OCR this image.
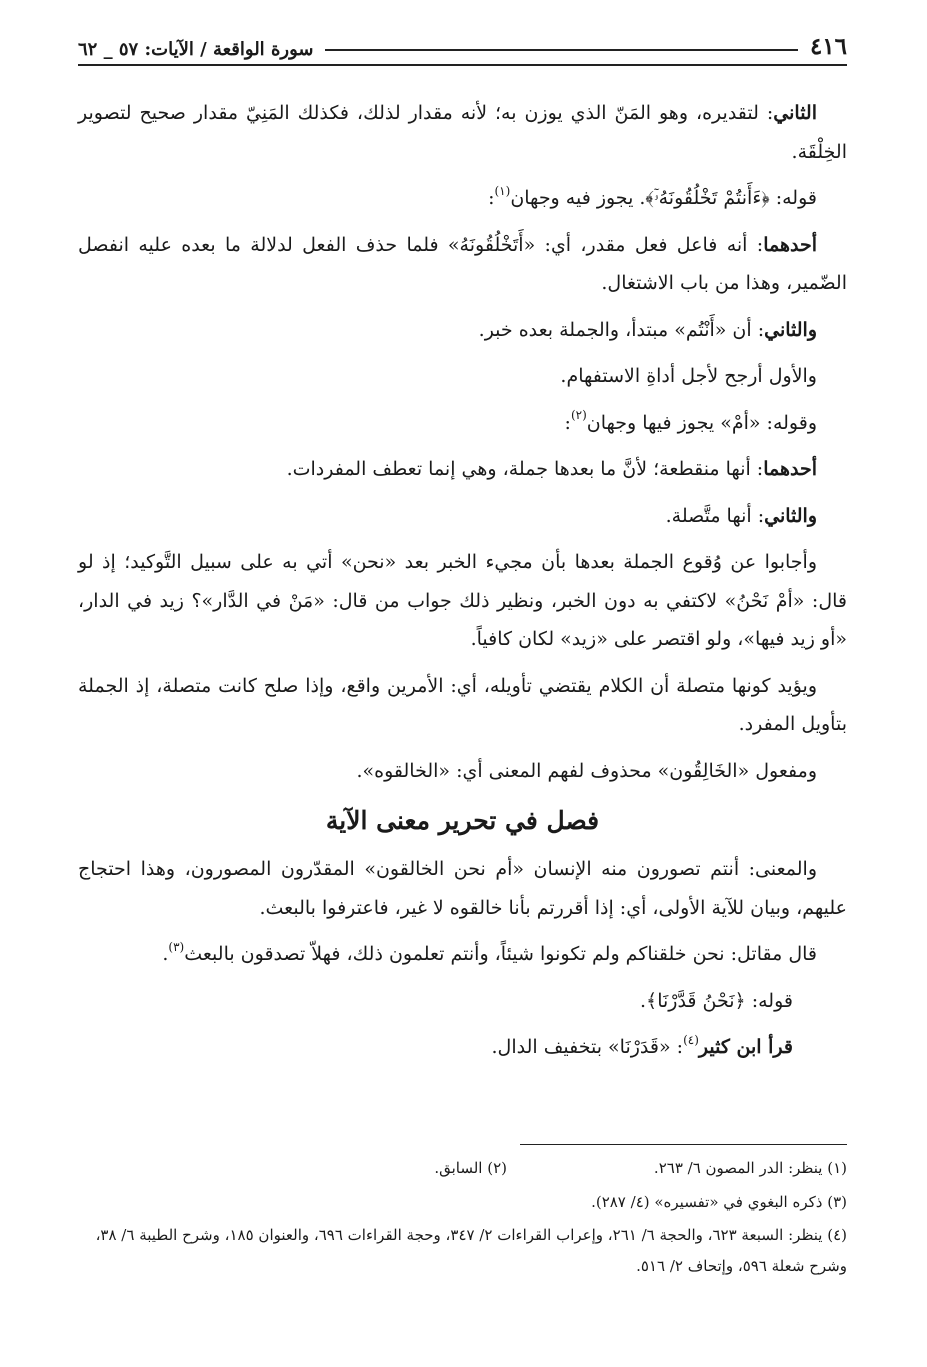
٤١٦
سورة الواقعة / الآيات: ٥٧ _ ٦٢

الثاني: لتقديره، وهو المَنّ الذي يوزن به؛ لأنه مقدار لذلك، فكذلك المَنِيّ مقدار صحيح لتصوير الخِلْقَة.

قوله: ﴿ءَأَنتُمْ تَخْلُقُونَهُۥٓ﴾. يجوز فيه وجهان$^{(١)}$:

أحدهما: أنه فاعل فعل مقدر، أي: «أَتَخْلُقُونَهُ» فلما حذف الفعل لدلالة ما بعده عليه انفصل الضّمير، وهذا من باب الاشتغال.

والثاني: أن «أَنْتُم» مبتدأ، والجملة بعده خبر.

والأول أرجح لأجل أداةِ الاستفهام.

وقوله: «أمْ» يجوز فيها وجهان$^{(٢)}$:

أحدهما: أنها منقطعة؛ لأنَّ ما بعدها جملة، وهي إنما تعطف المفردات.

والثاني: أنها متَّصلة.

وأجابوا عن وُقوع الجملة بعدها بأن مجيء الخبر بعد «نحن» أتي به على سبيل التَّوكيد؛ إذ لو قال: «أمْ نَحْنُ» لاكتفي به دون الخبر، ونظير ذلك جواب من قال: «مَنْ في الدَّار»؟ زيد في الدار، «أو زيد فيها»، ولو اقتصر على «زيد» لكان كافياً.

ويؤيد كونها متصلة أن الكلام يقتضي تأويله، أي: الأمرين واقع، وإذا صلح كانت متصلة، إذ الجملة بتأويل المفرد.

ومفعول «الخَالِقُون» محذوف لفهم المعنى أي: «الخالقوه».

فصل في تحرير معنى الآية

والمعنى: أنتم تصورون منه الإنسان «أم نحن الخالقون» المقدّرون المصورون، وهذا احتجاج عليهم، وبيان للآية الأولى، أي: إذا أقررتم بأنا خالقوه لا غير، فاعترفوا بالبعث.

قال مقاتل: نحن خلقناكم ولم تكونوا شيئاً، وأنتم تعلمون ذلك، فهلاّ تصدقون بالبعث$^{(٣)}$.

قوله: ﴿نَحْنُ قَدَّرْنَا﴾.

قرأ ابن كثير$^{(٤)}$: «قَدَرْنَا» بتخفيف الدال.

(١) ينظر: الدر المصون ٦/ ٢٦٣.
(٢) السابق.
(٣) ذكره البغوي في «تفسيره» (٤/ ٢٨٧).
(٤) ينظر: السبعة ٦٢٣، والحجة ٦/ ٢٦١، وإعراب القراءات ٢/ ٣٤٧، وحجة القراءات ٦٩٦، والعنوان ١٨٥، وشرح الطيبة ٦/ ٣٨، وشرح شعلة ٥٩٦، وإتحاف ٢/ ٥١٦.
